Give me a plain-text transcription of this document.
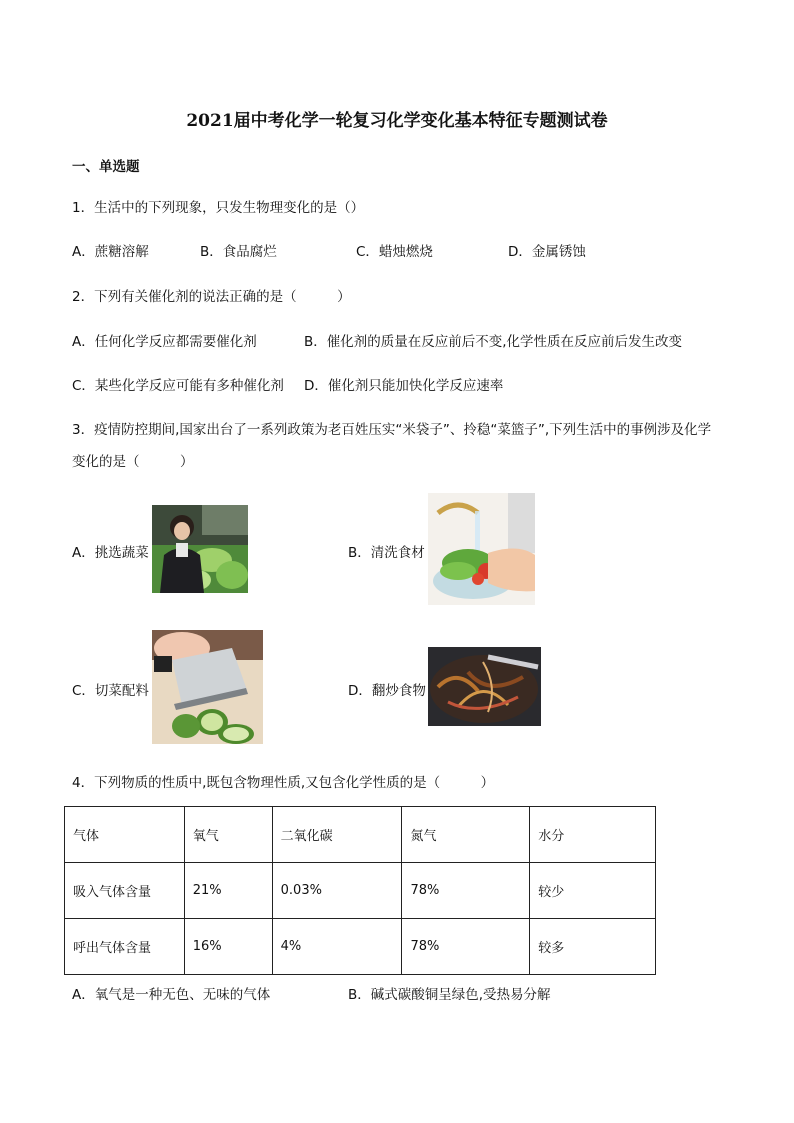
2021届中考化学一轮复习化学变化基本特征专题测试卷
一、单选题
1．生活中的下列现象，只发生物理变化的是（）
A．蔗糖溶解	B．食品腐烂	C．蜡烛燃烧	D．金属锈蚀
2．下列有关催化剂的说法正确的是（　　　）
A．任何化学反应都需要催化剂	B．催化剂的质量在反应前后不变,化学性质在反应前后发生改变
C．某些化学反应可能有多种催化剂 D．催化剂只能加快化学反应速率
3．疫情防控期间,国家出台了一系列政策为老百姓压实“米袋子”、拎稳“菜篮子”,下列生活中的事例涉及化学
变化的是（　　　）
A．挑选蔬菜	B．清洗食材
C．切菜配料	D．翻炒食物
4．下列物质的性质中,既包含物理性质,又包含化学性质的是（　　　）
气体	氧气	二氧化碳	氮气	水分
吸入气体含量	21%	0.03%	78%	较少
呼出气体含量	16%	4%	78%	较多
A．氧气是一种无色、无味的气体	B．碱式碳酸铜呈绿色,受热易分解
